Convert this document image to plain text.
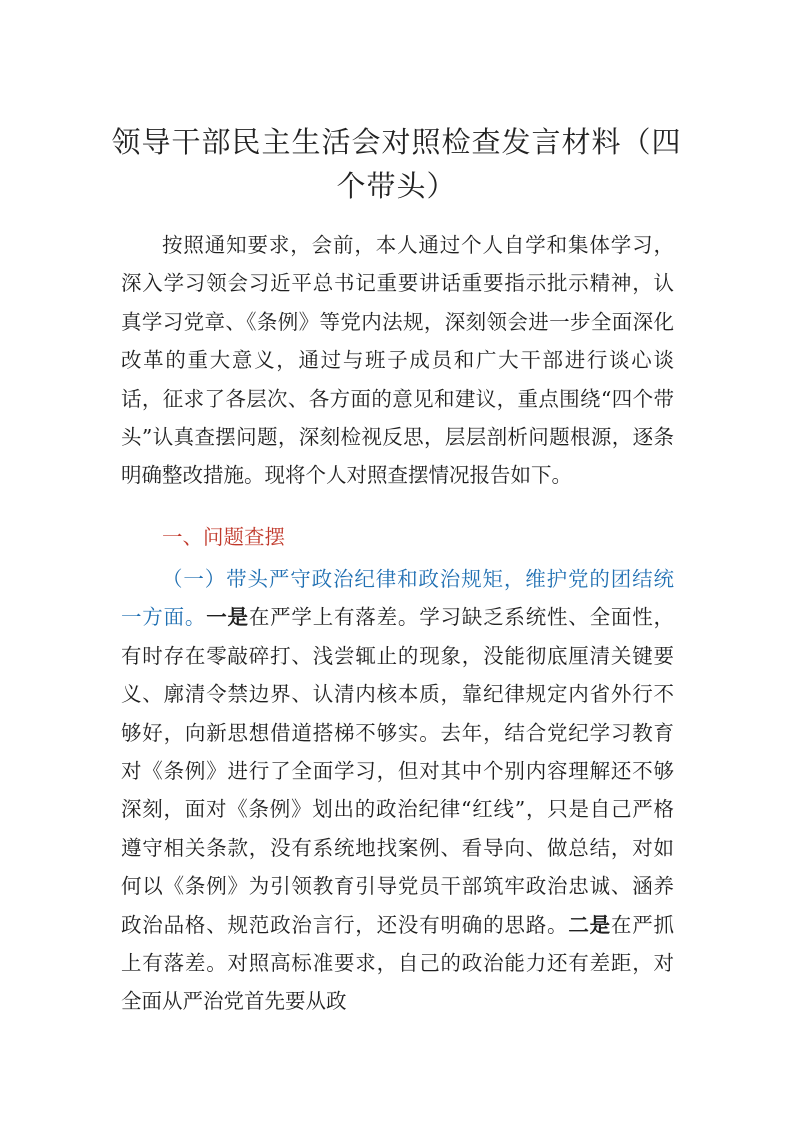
领导干部民主生活会对照检查发言材料（四个带头）
按照通知要求，会前，本人通过个人自学和集体学习，深入学习领会习近平总书记重要讲话重要指示批示精神，认真学习党章、《条例》等党内法规，深刻领会进一步全面深化改革的重大意义，通过与班子成员和广大干部进行谈心谈话，征求了各层次、各方面的意见和建议，重点围绕“四个带头”认真查摆问题，深刻检视反思，层层剖析问题根源，逐条明确整改措施。现将个人对照查摆情况报告如下。
一、问题查摆
（一）带头严守政治纪律和政治规矩，维护党的团结统一方面。一是在严学上有落差。学习缺乏系统性、全面性，有时存在零敲碎打、浅尝辄止的现象，没能彻底厘清关键要义、廓清令禁边界、认清内核本质，靠纪律规定内省外行不够好，向新思想借道搭梯不够实。去年，结合党纪学习教育对《条例》进行了全面学习，但对其中个别内容理解还不够深刻，面对《条例》划出的政治纪律“红线”，只是自己严格遵守相关条款，没有系统地找案例、看导向、做总结，对如何以《条例》为引领教育引导党员干部筑牢政治忠诚、涵养政治品格、规范政治言行，还没有明确的思路。二是在严抓上有落差。对照高标准要求，自己的政治能力还有差距，对全面从严治党首先要从政
